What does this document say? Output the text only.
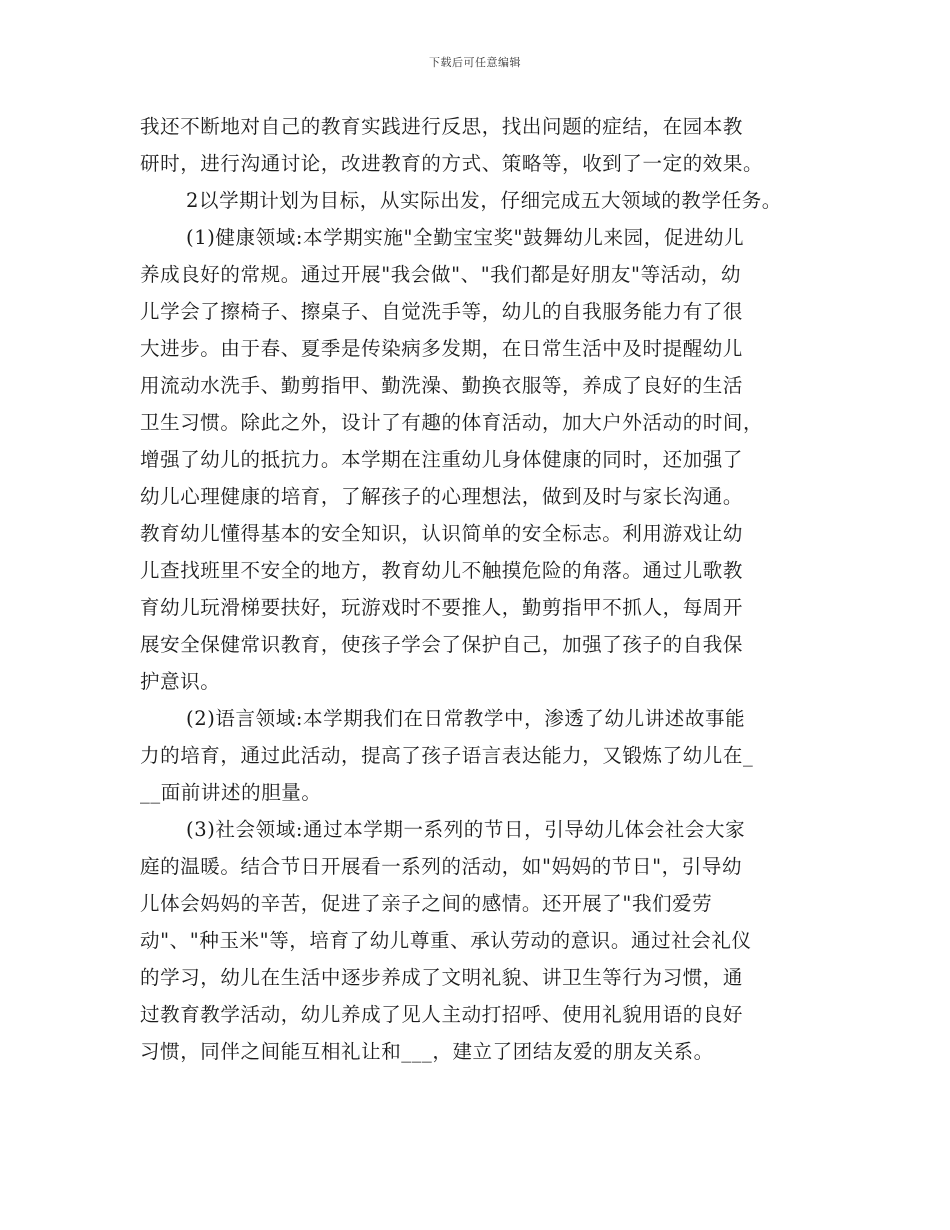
下载后可任意编辑
我还不断地对自己的教育实践进行反思，找出问题的症结，在园本教
研时，进行沟通讨论，改进教育的方式、策略等，收到了一定的效果。
2以学期计划为目标，从实际出发，仔细完成五大领域的教学任务。
(1)健康领域:本学期实施"全勤宝宝奖"鼓舞幼儿来园，促进幼儿
养成良好的常规。通过开展"我会做"、"我们都是好朋友"等活动，幼
儿学会了擦椅子、擦桌子、自觉洗手等，幼儿的自我服务能力有了很
大进步。由于春、夏季是传染病多发期，在日常生活中及时提醒幼儿
用流动水洗手、勤剪指甲、勤洗澡、勤换衣服等，养成了良好的生活
卫生习惯。除此之外，设计了有趣的体育活动，加大户外活动的时间，
增强了幼儿的抵抗力。本学期在注重幼儿身体健康的同时，还加强了
幼儿心理健康的培育，了解孩子的心理想法，做到及时与家长沟通。
教育幼儿懂得基本的安全知识，认识简单的安全标志。利用游戏让幼
儿查找班里不安全的地方，教育幼儿不触摸危险的角落。通过儿歌教
育幼儿玩滑梯要扶好，玩游戏时不要推人，勤剪指甲不抓人，每周开
展安全保健常识教育，使孩子学会了保护自己，加强了孩子的自我保
护意识。
(2)语言领域:本学期我们在日常教学中，渗透了幼儿讲述故事能
力的培育，通过此活动，提高了孩子语言表达能力，又锻炼了幼儿在_
__面前讲述的胆量。
(3)社会领域:通过本学期一系列的节日，引导幼儿体会社会大家
庭的温暖。结合节日开展看一系列的活动，如"妈妈的节日"，引导幼
儿体会妈妈的辛苦，促进了亲子之间的感情。还开展了"我们爱劳
动"、"种玉米"等，培育了幼儿尊重、承认劳动的意识。通过社会礼仪
的学习，幼儿在生活中逐步养成了文明礼貌、讲卫生等行为习惯，通
过教育教学活动，幼儿养成了见人主动打招呼、使用礼貌用语的良好
习惯，同伴之间能互相礼让和___，建立了团结友爱的朋友关系。
